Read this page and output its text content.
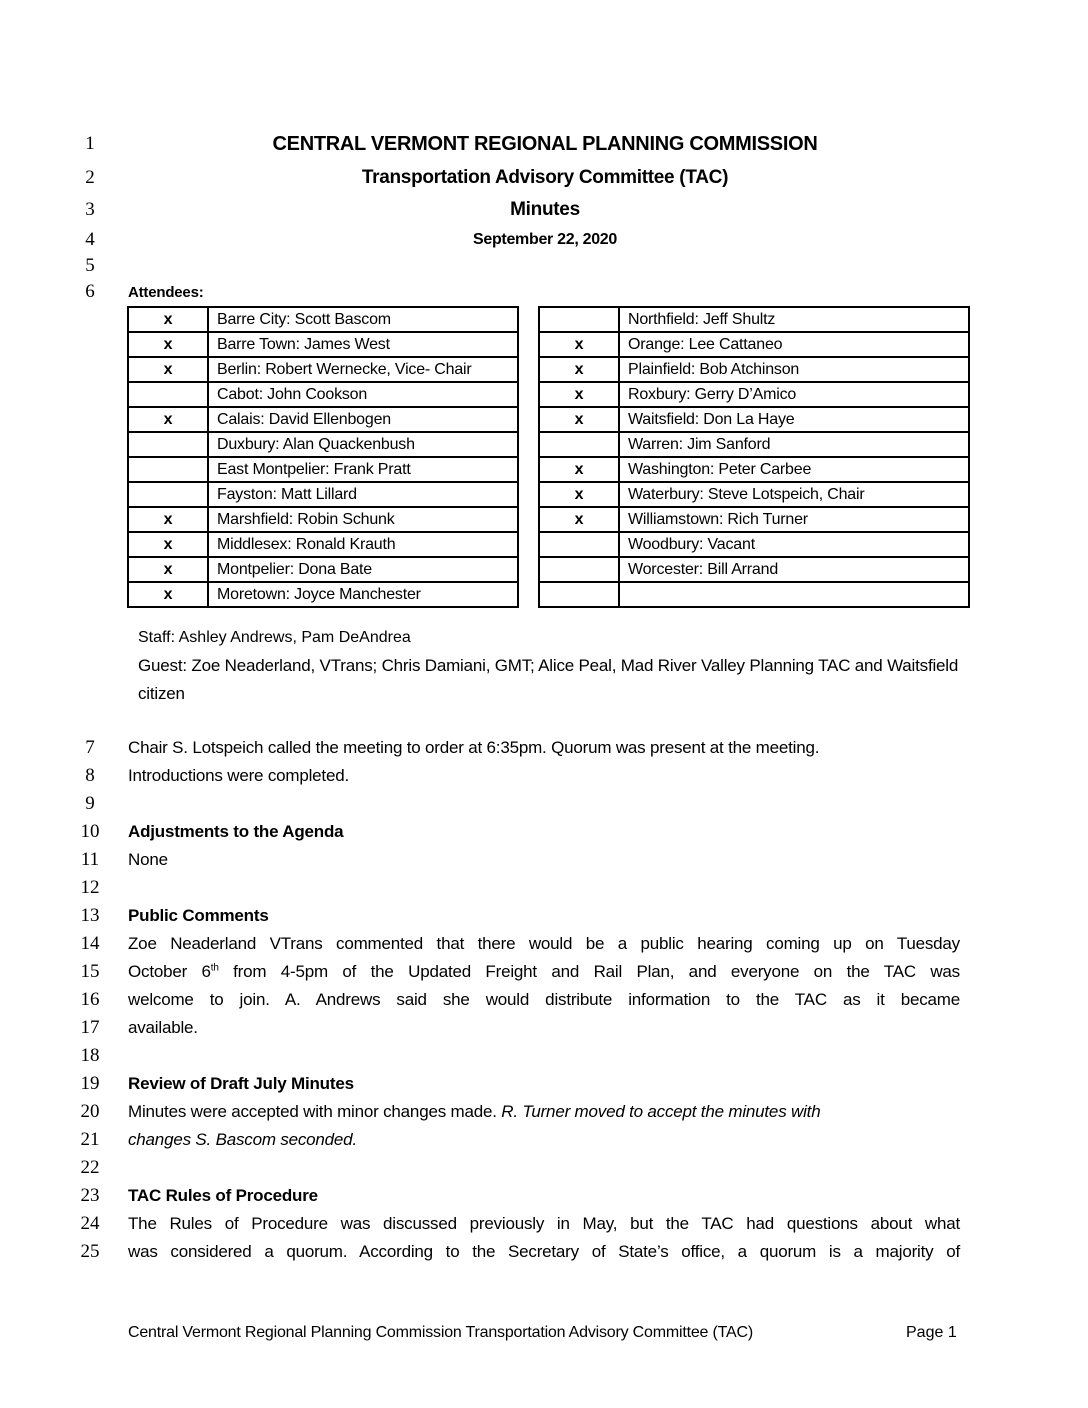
1
2
3
4
5
6
7
8
9
10
11
12
13
14
15
16
17
18
19
20
21
22
23
24
25
CENTRAL VERMONT REGIONAL PLANNING COMMISSION
Transportation Advisory Committee (TAC)
Minutes
September 22, 2020
Attendees:
x	Barre City: Scott Bascom
x	Barre Town: James West
x	Berlin: Robert Wernecke, Vice- Chair
	Cabot: John Cookson
x	Calais: David Ellenbogen
	Duxbury: Alan Quackenbush
	East Montpelier: Frank Pratt
	Fayston: Matt Lillard
x	Marshfield: Robin Schunk
x	Middlesex: Ronald Krauth
x	Montpelier: Dona Bate
x	Moretown: Joyce Manchester
	Northfield: Jeff Shultz
x	Orange: Lee Cattaneo
x	Plainfield: Bob Atchinson
x	Roxbury: Gerry D’Amico
x	Waitsfield: Don La Haye
	Warren: Jim Sanford
x	Washington: Peter Carbee
x	Waterbury: Steve Lotspeich, Chair
x	Williamstown: Rich Turner
	Woodbury: Vacant
	Worcester: Bill Arrand

Staff: Ashley Andrews, Pam DeAndrea
Guest: Zoe Neaderland, VTrans; Chris Damiani, GMT; Alice Peal, Mad River Valley Planning TAC and Waitsfield citizen
Chair S. Lotspeich called the meeting to order at 6:35pm. Quorum was present at the meeting.
Introductions were completed.
Adjustments to the Agenda
None
Public Comments
Zoe Neaderland VTrans commented that there would be a public hearing coming up on Tuesday
October 6th from 4-5pm of the Updated Freight and Rail Plan, and everyone on the TAC was
welcome to join. A. Andrews said she would distribute information to the TAC as it became
available.
Review of Draft July Minutes
Minutes were accepted with minor changes made. R. Turner moved to accept the minutes with
changes S. Bascom seconded.
TAC Rules of Procedure
The Rules of Procedure was discussed previously in May, but the TAC had questions about what
was considered a quorum. According to the Secretary of State’s office, a quorum is a majority of
Central Vermont Regional Planning Commission Transportation Advisory Committee (TAC)	Page 1
